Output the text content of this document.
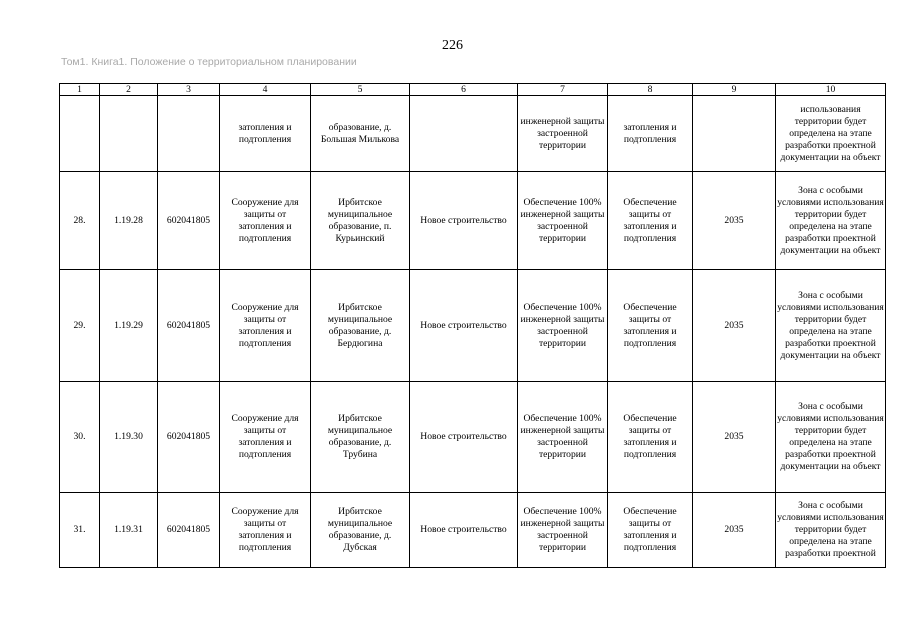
226
Том1. Книга1. Положение о территориальном планировании
1	2	3	4	5	6	7	8	9	10
			затопления и подтопления	образование, д. Большая Милькова		инженерной защиты застроенной территории	затопления и подтопления		использования территории будет определена на этапе разработки проектной документации на объект
28.	1.19.28	602041805	Сооружение для защиты от затопления и подтопления	Ирбитское муниципальное образование, п. Курьинский	Новое строительство	Обеспечение 100% инженерной защиты застроенной территории	Обеспечение защиты от затопления и подтопления	2035	Зона с особыми условиями использования территории будет определена на этапе разработки проектной документации на объект
29.	1.19.29	602041805	Сооружение для защиты от затопления и подтопления	Ирбитское муниципальное образование, д. Бердюгина	Новое строительство	Обеспечение 100% инженерной защиты застроенной территории	Обеспечение защиты от затопления и подтопления	2035	Зона с особыми условиями использования территории будет определена на этапе разработки проектной документации на объект
30.	1.19.30	602041805	Сооружение для защиты от затопления и подтопления	Ирбитское муниципальное образование, д. Трубина	Новое строительство	Обеспечение 100% инженерной защиты застроенной территории	Обеспечение защиты от затопления и подтопления	2035	Зона с особыми условиями использования территории будет определена на этапе разработки проектной документации на объект
31.	1.19.31	602041805	Сооружение для защиты от затопления и подтопления	Ирбитское муниципальное образование, д. Дубская	Новое строительство	Обеспечение 100% инженерной защиты застроенной территории	Обеспечение защиты от затопления и подтопления	2035	Зона с особыми условиями использования территории будет определена на этапе разработки проектной
